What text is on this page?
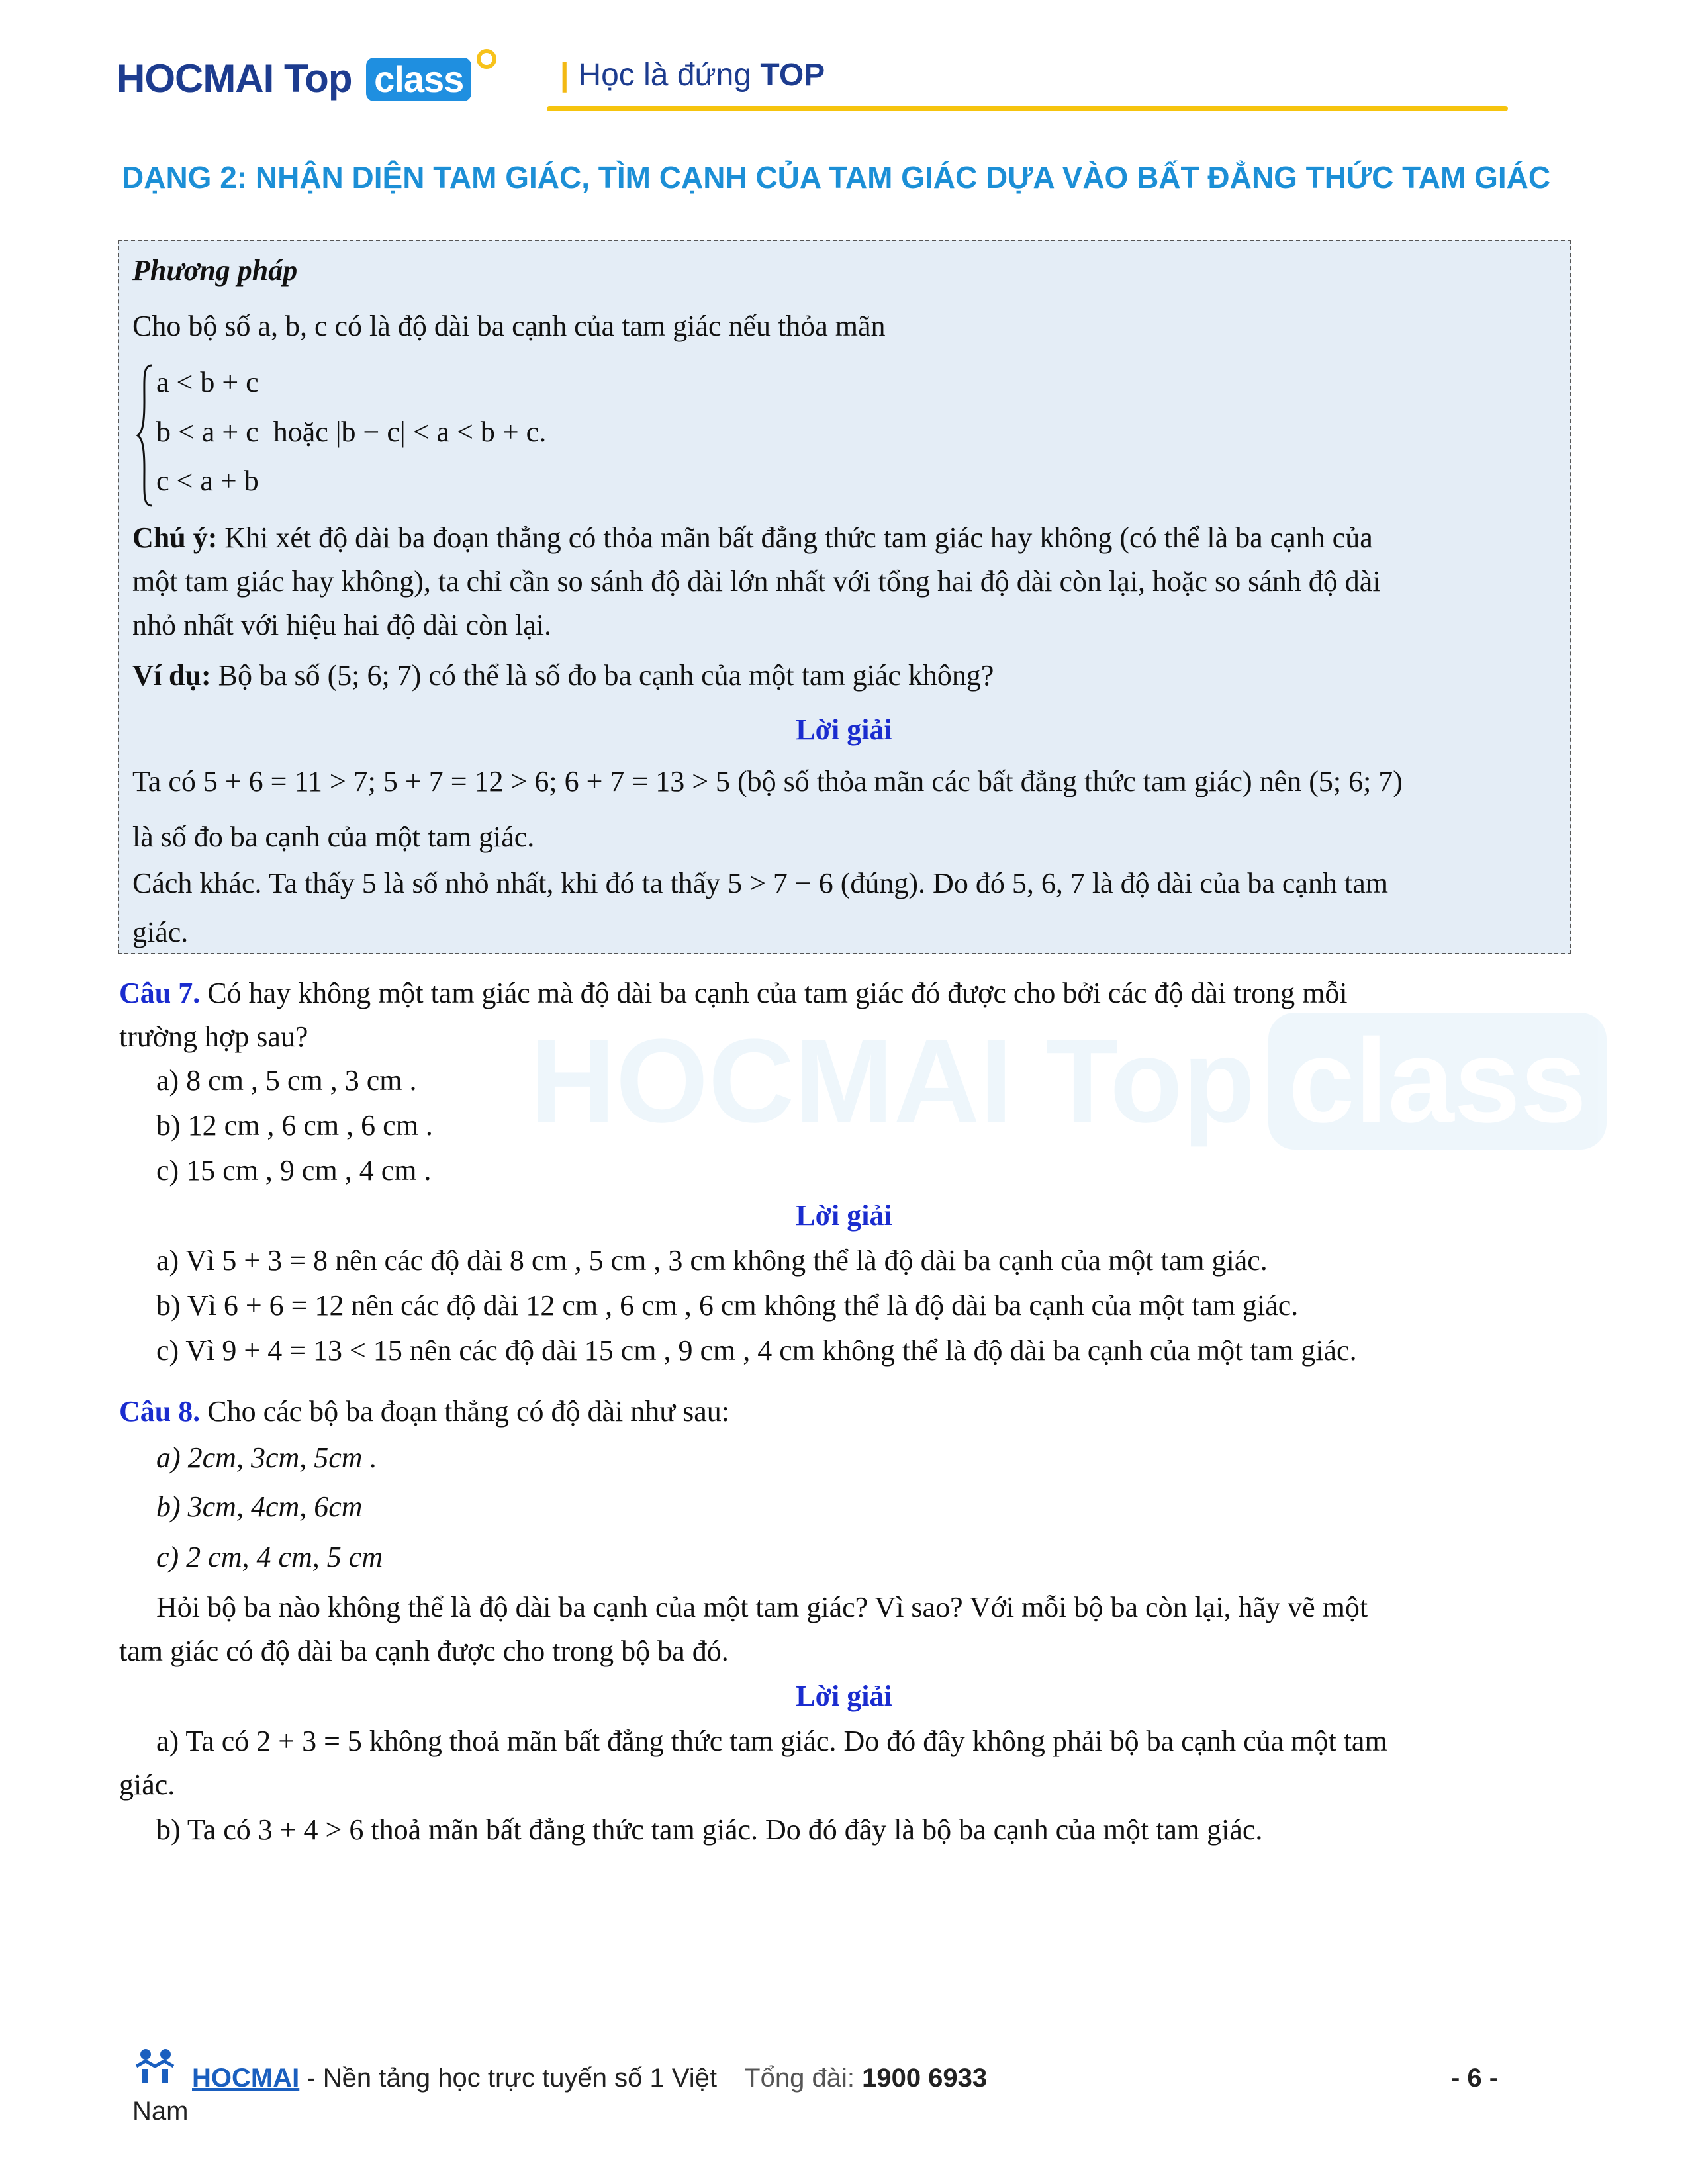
HOCMAI Top class	| Học là đứng TOP
DẠNG 2: NHẬN DIỆN TAM GIÁC, TÌM CẠNH CỦA TAM GIÁC DỰA VÀO BẤT ĐẲNG THỨC TAM GIÁC
Phương pháp
Cho bộ số a, b, c có là độ dài ba cạnh của tam giác nếu thỏa mãn
a < b + c
b < a + c hoặc |b − c| < a < b + c.
c < a + b
Chú ý: Khi xét độ dài ba đoạn thẳng có thỏa mãn bất đẳng thức tam giác hay không (có thể là ba cạnh của
một tam giác hay không), ta chỉ cần so sánh độ dài lớn nhất với tổng hai độ dài còn lại, hoặc so sánh độ dài
nhỏ nhất với hiệu hai độ dài còn lại.
Ví dụ: Bộ ba số (5; 6; 7) có thể là số đo ba cạnh của một tam giác không?
Lời giải
Ta có 5 + 6 = 11 > 7; 5 + 7 = 12 > 6; 6 + 7 = 13 > 5 (bộ số thỏa mãn các bất đẳng thức tam giác) nên (5; 6; 7)
là số đo ba cạnh của một tam giác.
Cách khác. Ta thấy 5 là số nhỏ nhất, khi đó ta thấy 5 > 7 − 6 (đúng). Do đó 5, 6, 7 là độ dài của ba cạnh tam
giác.
HOCMAI Top class
Câu 7. Có hay không một tam giác mà độ dài ba cạnh của tam giác đó được cho bởi các độ dài trong mỗi
trường hợp sau?
a) 8 cm , 5 cm , 3 cm .
b) 12 cm , 6 cm , 6 cm .
c) 15 cm , 9 cm , 4 cm .
Lời giải
a) Vì 5 + 3 = 8 nên các độ dài 8 cm , 5 cm , 3 cm không thể là độ dài ba cạnh của một tam giác.
b) Vì 6 + 6 = 12 nên các độ dài 12 cm , 6 cm , 6 cm không thể là độ dài ba cạnh của một tam giác.
c) Vì 9 + 4 = 13 < 15 nên các độ dài 15 cm , 9 cm , 4 cm không thể là độ dài ba cạnh của một tam giác.
Câu 8. Cho các bộ ba đoạn thẳng có độ dài như sau:
a) 2cm, 3cm, 5cm .
b) 3cm, 4cm, 6cm
c) 2 cm, 4 cm, 5 cm
Hỏi bộ ba nào không thể là độ dài ba cạnh của một tam giác? Vì sao? Với mỗi bộ ba còn lại, hãy vẽ một
tam giác có độ dài ba cạnh được cho trong bộ ba đó.
Lời giải
a) Ta có 2 + 3 = 5 không thoả mãn bất đẳng thức tam giác. Do đó đây không phải bộ ba cạnh của một tam
giác.
b) Ta có 3 + 4 > 6 thoả mãn bất đẳng thức tam giác. Do đó đây là bộ ba cạnh của một tam giác.
HOCMAI - Nền tảng học trực tuyến số 1 Việt Tổng đài: 1900 6933	- 6 -
Nam
